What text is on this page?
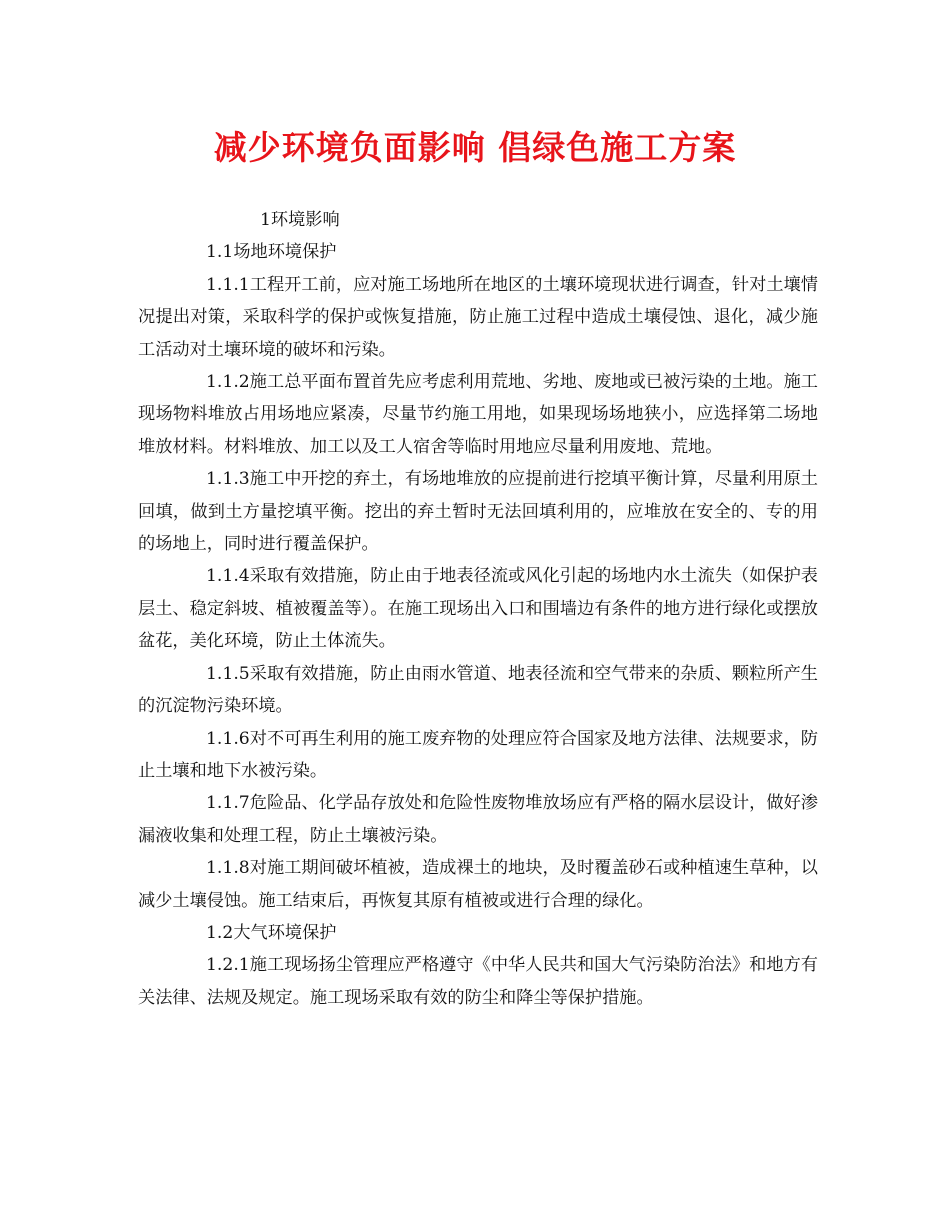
减少环境负面影响 倡绿色施工方案

1环境影响

1.1场地环境保护

1.1.1工程开工前，应对施工场地所在地区的土壤环境现状进行调查，针对土壤情况提出对策，采取科学的保护或恢复措施，防止施工过程中造成土壤侵蚀、退化，减少施工活动对土壤环境的破坏和污染。

1.1.2施工总平面布置首先应考虑利用荒地、劣地、废地或已被污染的土地。施工现场物料堆放占用场地应紧凑，尽量节约施工用地，如果现场场地狭小，应选择第二场地堆放材料。材料堆放、加工以及工人宿舍等临时用地应尽量利用废地、荒地。

1.1.3施工中开挖的弃土，有场地堆放的应提前进行挖填平衡计算，尽量利用原土回填，做到土方量挖填平衡。挖出的弃土暂时无法回填利用的，应堆放在安全的、专的用的场地上，同时进行覆盖保护。

1.1.4采取有效措施，防止由于地表径流或风化引起的场地内水土流失（如保护表层土、稳定斜坡、植被覆盖等）。在施工现场出入口和围墙边有条件的地方进行绿化或摆放盆花，美化环境，防止土体流失。

1.1.5采取有效措施，防止由雨水管道、地表径流和空气带来的杂质、颗粒所产生的沉淀物污染环境。

1.1.6对不可再生利用的施工废弃物的处理应符合国家及地方法律、法规要求，防止土壤和地下水被污染。

1.1.7危险品、化学品存放处和危险性废物堆放场应有严格的隔水层设计，做好渗漏液收集和处理工程，防止土壤被污染。

1.1.8对施工期间破坏植被，造成裸土的地块，及时覆盖砂石或种植速生草种，以减少土壤侵蚀。施工结束后，再恢复其原有植被或进行合理的绿化。

1.2大气环境保护

1.2.1施工现场扬尘管理应严格遵守《中华人民共和国大气污染防治法》和地方有关法律、法规及规定。施工现场采取有效的防尘和降尘等保护措施。
